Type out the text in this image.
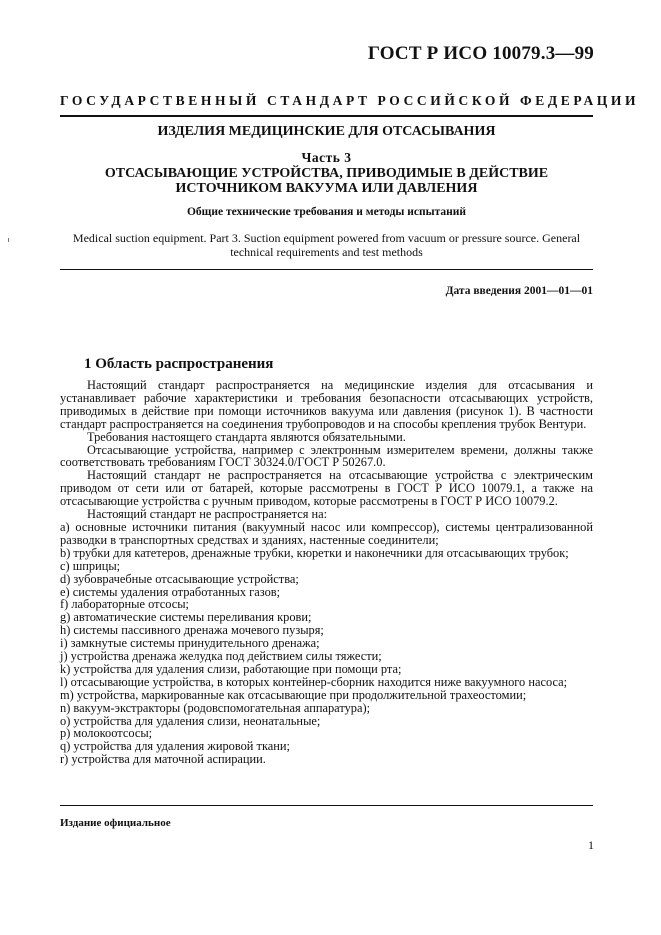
ГОСТ Р ИСО 10079.3—99
ГОСУДАРСТВЕННЫЙ СТАНДАРТ РОССИЙСКОЙ ФЕДЕРАЦИИ
ИЗДЕЛИЯ МЕДИЦИНСКИЕ ДЛЯ ОТСАСЫВАНИЯ
Часть 3
ОТСАСЫВАЮЩИЕ УСТРОЙСТВА, ПРИВОДИМЫЕ В ДЕЙСТВИЕ ИСТОЧНИКОМ ВАКУУМА ИЛИ ДАВЛЕНИЯ
Общие технические требования и методы испытаний
Medical suction equipment. Part 3. Suction equipment powered from vacuum or pressure source. General technical requirements and test methods
Дата введения 2001—01—01
1 Область распространения

Настоящий стандарт распространяется на медицинские изделия для отсасывания и устанавливает рабочие характеристики и требования безопасности отсасывающих устройств, приводимых в действие при помощи источников вакуума или давления (рисунок 1). В частности стандарт распространяется на соединения трубопроводов и на способы крепления трубок Вентури.

Требования настоящего стандарта являются обязательными.

Отсасывающие устройства, например с электронным измерителем времени, должны также соответствовать требованиям ГОСТ 30324.0/ГОСТ Р 50267.0.

Настоящий стандарт не распространяется на отсасывающие устройства с электрическим приводом от сети или от батарей, которые рассмотрены в ГОСТ Р ИСО 10079.1, а также на отсасывающие устройства с ручным приводом, которые рассмотрены в ГОСТ Р ИСО 10079.2.

Настоящий стандарт не распространяется на:

а) основные источники питания (вакуумный насос или компрессор), системы централизованной разводки в транспортных средствах и зданиях, настенные соединители;

b) трубки для катетеров, дренажные трубки, кюретки и наконечники для отсасывающих трубок;

с) шприцы;

d) зубоврачебные отсасывающие устройства;

е) системы удаления отработанных газов;

f) лабораторные отсосы;

g) автоматические системы переливания крови;

h) системы пассивного дренажа мочевого пузыря;

i) замкнутые системы принудительного дренажа;

j) устройства дренажа желудка под действием силы тяжести;

k) устройства для удаления слизи, работающие при помощи рта;

l) отсасывающие устройства, в которых контейнер-сборник находится ниже вакуумного насоса;

m) устройства, маркированные как отсасывающие при продолжительной трахеостомии;

n) вакуум-экстракторы (родовспомогательная аппаратура);

о) устройства для удаления слизи, неонатальные;

р) молокоотсосы;

q) устройства для удаления жировой ткани;

r) устройства для маточной аспирации.

Издание официальное
1
